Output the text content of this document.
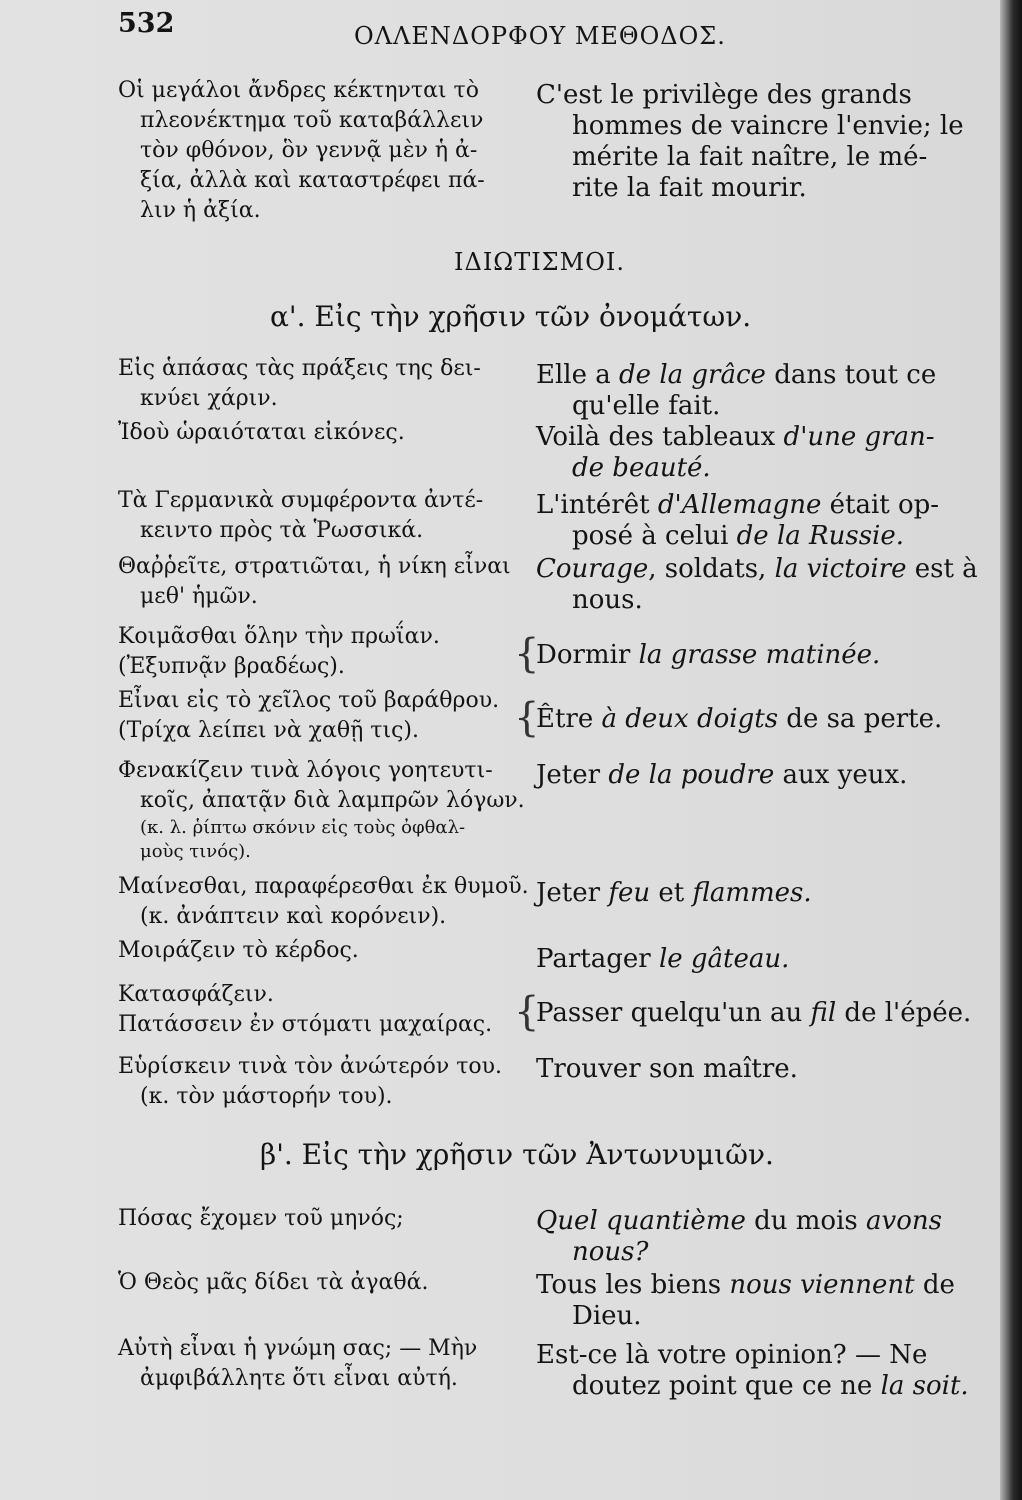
532	ΟΛΛΕΝΔΟΡΦΟΥ ΜΕΘΟΔΟΣ.
Οἱ μεγάλοι ἄνδρες κέκτηνται τὸ
πλεονέκτημα τοῦ καταβάλλειν
τὸν φθόνον, ὃν γεννᾷ μὲν ἡ ἀ-
ξία, ἀλλὰ καὶ καταστρέφει πά-
λιν ἡ ἀξία.
C'est le privilège des grands
hommes de vaincre l'envie; le
mérite la fait naître, le mé-
rite la fait mourir.
ΙΔΙΩΤΙΣΜΟΙ.
α'. Εἰς τὴν χρῆσιν τῶν ὀνομάτων.
Εἰς ἁπάσας τὰς πράξεις της δει-
κνύει χάριν.
Elle a de la grâce dans tout ce
qu'elle fait.
Ἰδοὺ ὡραιόταται εἰκόνες.	Voilà des tableaux d'une gran-
de beauté.
Τὰ Γερμανικὰ συμφέροντα ἀντέ-
κειντο πρὸς τὰ Ῥωσσικά.
L'intérêt d'Allemagne était op-
posé à celui de la Russie.
Θαῤῥεῖτε, στρατιῶται, ἡ νίκη εἶναι
μεθ' ἡμῶν.
Courage, soldats, la victoire est à
nous.
Κοιμᾶσθαι ὅλην τὴν πρωΐαν.
(Ἐξυπνᾷν βραδέως).	{
Dormir la grasse matinée.
Εἶναι εἰς τὸ χεῖλος τοῦ βαράθρου.
(Τρίχα λείπει νὰ χαθῇ τις).	{
Être à deux doigts de sa perte.
Φενακίζειν τινὰ λόγοις γοητευτι-
κοῖς, ἀπατᾷν διὰ λαμπρῶν λόγων.
(κ. λ. ῥίπτω σκόνιν εἰς τοὺς ὀφθαλ-
μοὺς τινός).
Jeter de la poudre aux yeux.
Μαίνεσθαι, παραφέρεσθαι ἐκ θυμοῦ.
(κ. ἀνάπτειν καὶ κορόνειν).
Jeter feu et flammes.
Μοιράζειν τὸ κέρδος.	Partager le gâteau.
Κατασφάζειν.
Πατάσσειν ἐν στόματι μαχαίρας. {
Passer quelqu'un au fil de l'épée.
Εὑρίσκειν τινὰ τὸν ἀνώτερόν του.
(κ. τὸν μάστορήν του).
Trouver son maître.
β'. Εἰς τὴν χρῆσιν τῶν Ἀντωνυμιῶν.
Πόσας ἔχομεν τοῦ μηνός;	Quel quantième du mois avons
nous?
Ὁ Θεὸς μᾶς δίδει τὰ ἀγαθά.	Tous les biens nous viennent de
Dieu.
Αὐτὴ εἶναι ἡ γνώμη σας; — Μὴν
ἀμφιβάλλητε ὅτι εἶναι αὐτή.
Est-ce là votre opinion? — Ne
doutez point que ce ne la soit.
